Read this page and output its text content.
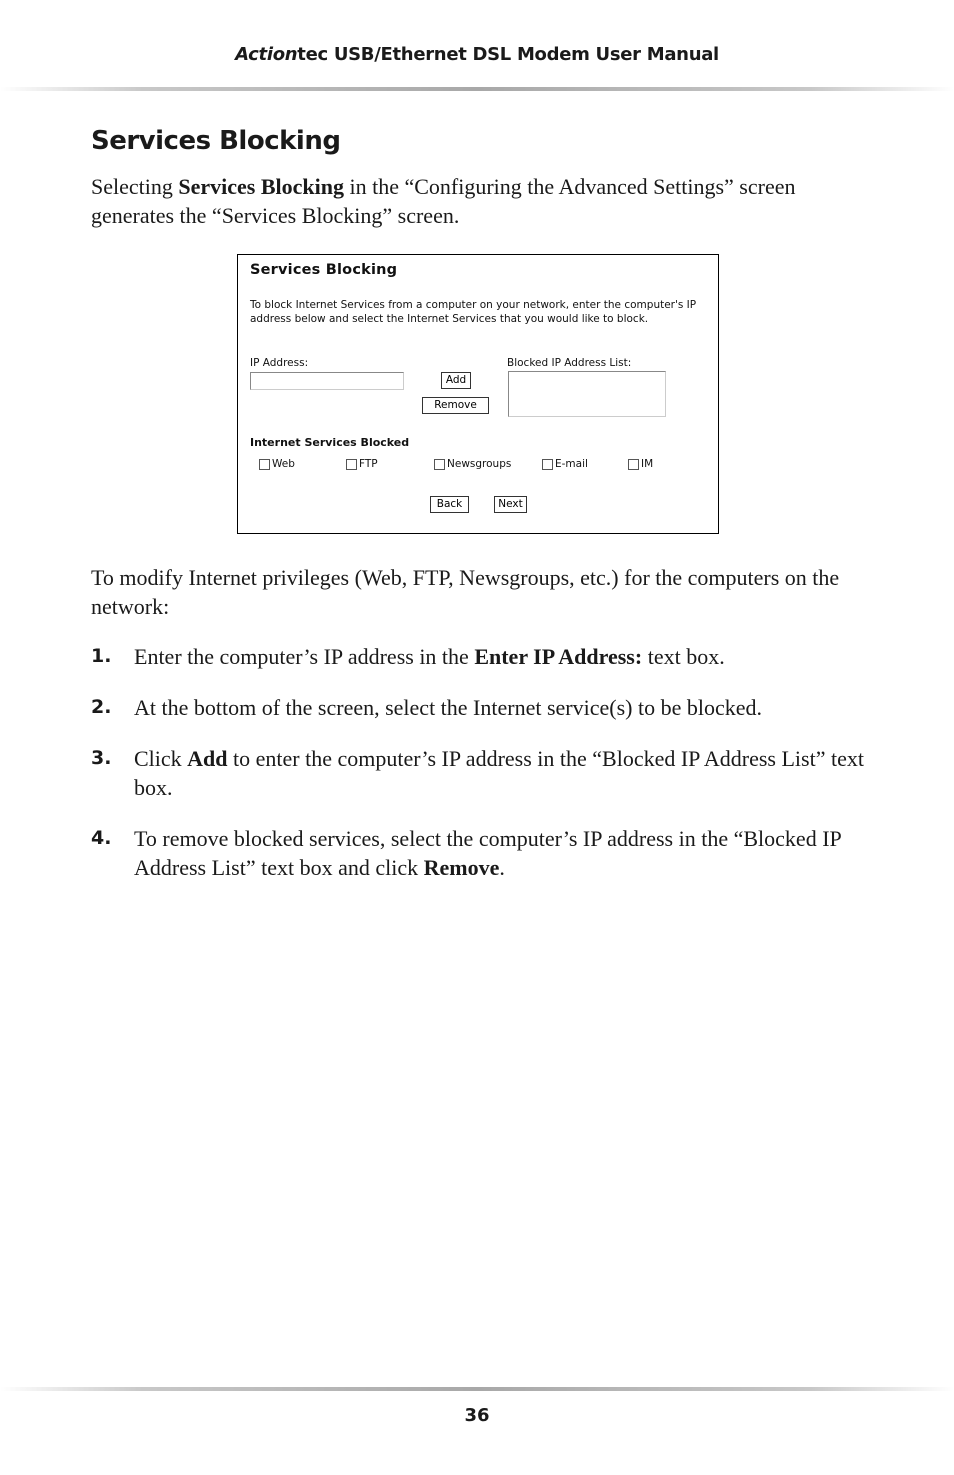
Actiontec USB/Ethernet DSL Modem User Manual
Services Blocking

Selecting Services Blocking in the “Configuring the Advanced Settings” screen generates the “Services Blocking” screen.

Services Blocking
To block Internet Services from a computer on your network, enter the computer's IP address below and select the Internet Services that you would like to block.
IP Address:	Blocked IP Address List:
Add
Remove
Internet Services Blocked
Web	FTP	Newsgroups	E-mail	IM
Back	Next

To modify Internet privileges (Web, FTP, Newsgroups, etc.) for the computers on the network:

1. Enter the computer’s IP address in the Enter IP Address: text box.
2. At the bottom of the screen, select the Internet service(s) to be blocked.
3. Click Add to enter the computer’s IP address in the “Blocked IP Address List” text box.
4. To remove blocked services, select the computer’s IP address in the “Blocked IP Address List” text box and click Remove.
36
